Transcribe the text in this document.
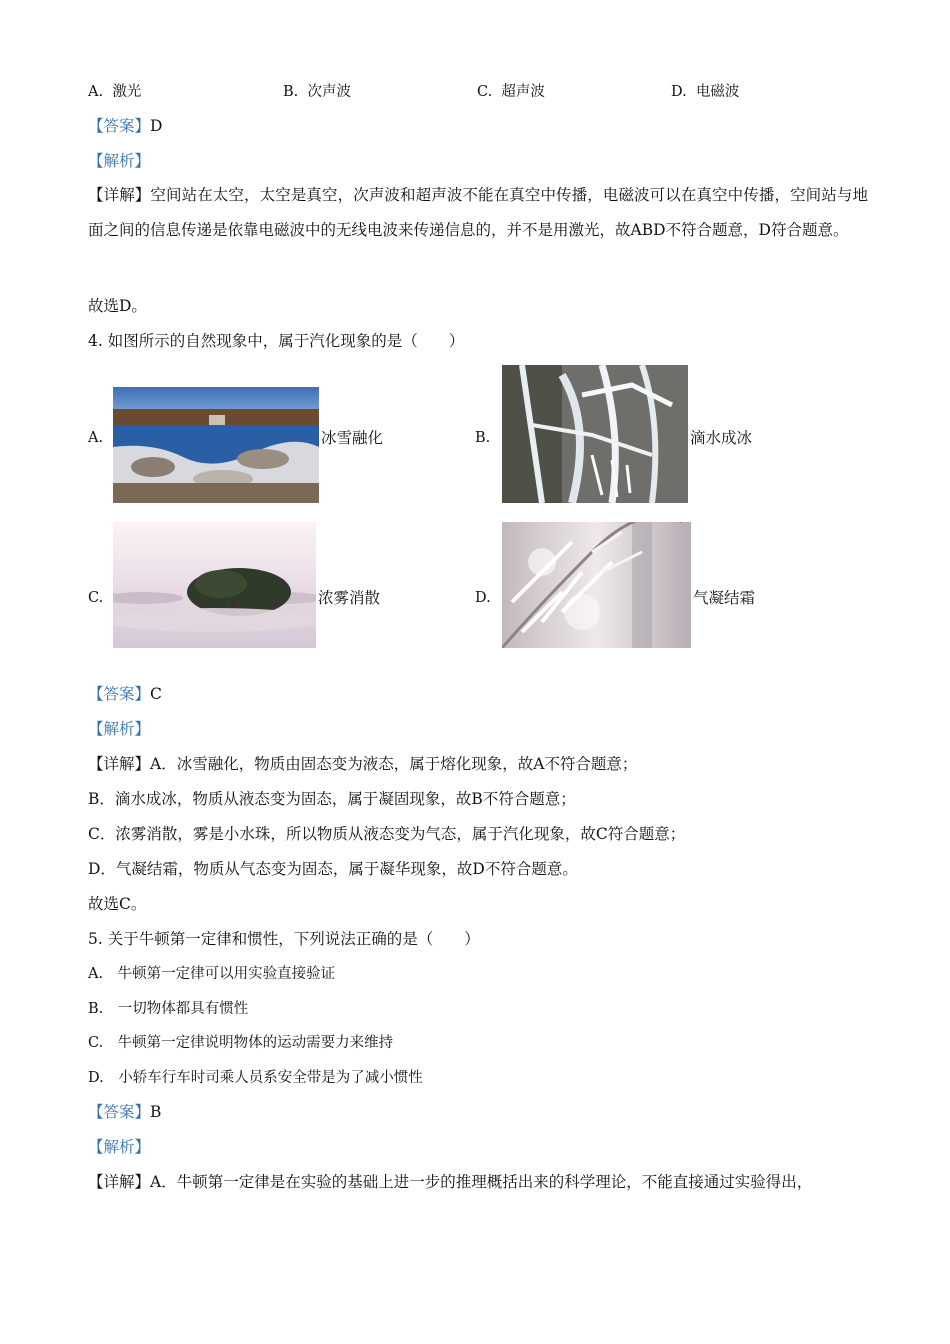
A. 激光	B. 次声波	C. 超声波	D. 电磁波
【答案】D
【解析】
【详解】空间站在太空，太空是真空，次声波和超声波不能在真空中传播，电磁波可以在真空中传播，空间站与地面之间的信息传递是依靠电磁波中的无线电波来传递信息的，并不是用激光，故ABD不符合题意，D符合题意。
故选D。
4. 如图所示的自然现象中，属于汽化现象的是（　　）
A.	冰雪融化	B.	滴水成冰
C.	浓雾消散	D.	气凝结霜
【答案】C
【解析】
【详解】A．冰雪融化，物质由固态变为液态，属于熔化现象，故A不符合题意；
B．滴水成冰，物质从液态变为固态，属于凝固现象，故B不符合题意；
C．浓雾消散，雾是小水珠，所以物质从液态变为气态，属于汽化现象，故C符合题意；
D．气凝结霜，物质从气态变为固态，属于凝华现象，故D不符合题意。
故选C。
5. 关于牛顿第一定律和惯性，下列说法正确的是（　　）
A.　牛顿第一定律可以用实验直接验证
B.　一切物体都具有惯性
C.　牛顿第一定律说明物体的运动需要力来维持
D.　小轿车行车时司乘人员系安全带是为了减小惯性
【答案】B
【解析】
【详解】A．牛顿第一定律是在实验的基础上进一步的推理概括出来的科学理论，不能直接通过实验得出，
